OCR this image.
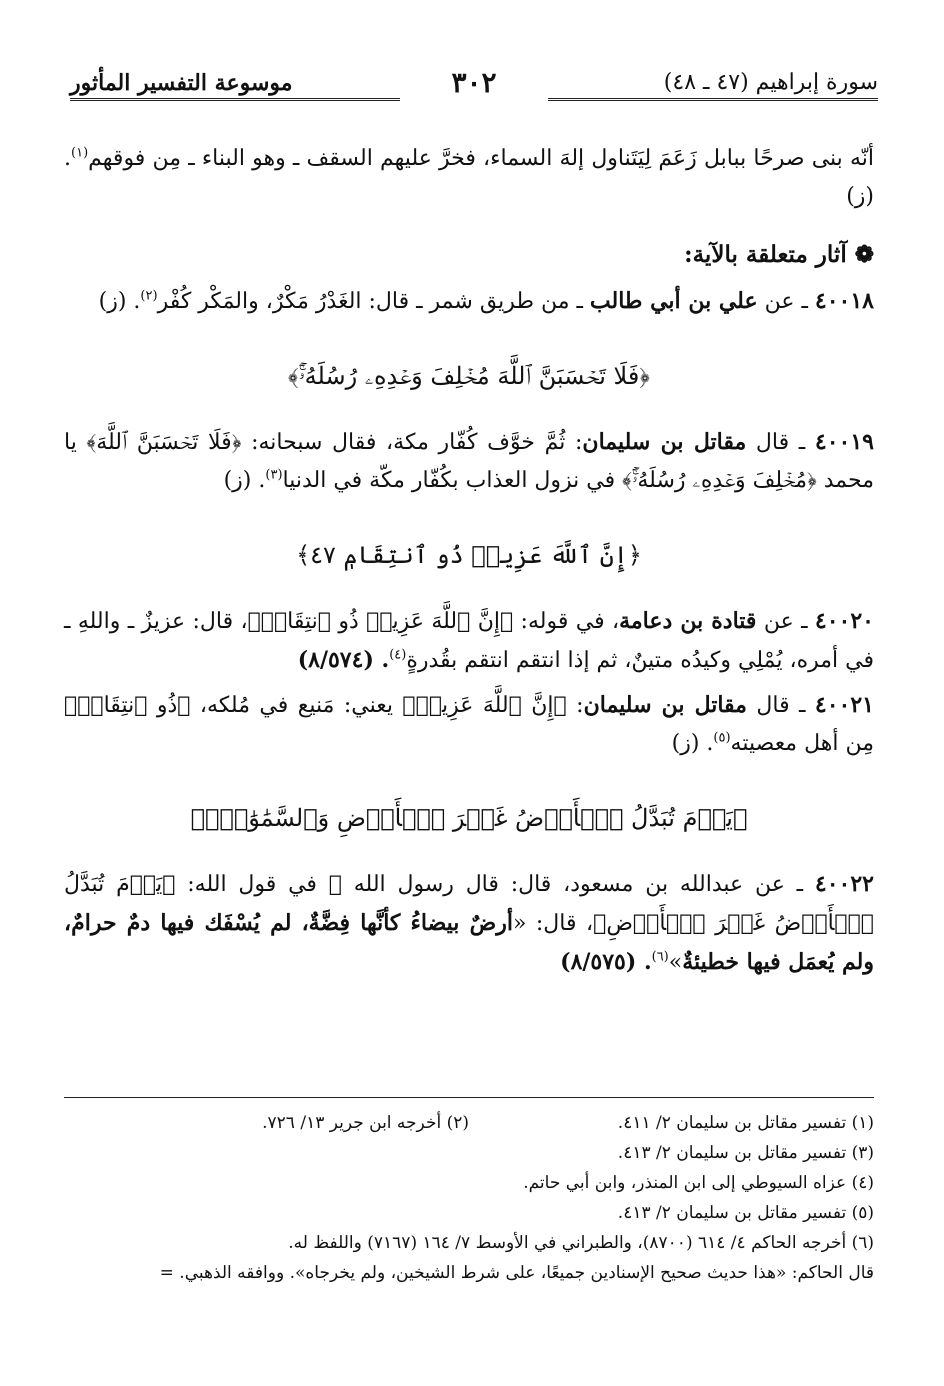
سورة إبراهيم (٤٧ ـ ٤٨)
٣٠٢
موسوعة التفسير المأثور

أنّه بنى صرحًا ببابل زَعَمَ لِيَتَناول إلهَ السماء، فخرَّ عليهم السقف ـ وهو البناء ـ مِن فوقهم$^{(١)}$. (ز)

❁ آثار متعلقة بالآية:

٤٠٠١٨ ـ عن علي بن أبي طالب ـ من طريق شمر ـ قال: الغَدْرُ مَكْرٌ، والمَكْر كُفْر$^{(٢)}$. (ز)

﴿فَلَا تَحۡسَبَنَّ ٱللَّهَ مُخۡلِفَ وَعۡدِهِۦ رُسُلَهُۥٓۚ﴾

٤٠٠١٩ ـ قال مقاتل بن سليمان: ثُمَّ خوَّف كُفّار مكة، فقال سبحانه: ﴿فَلَا تَحۡسَبَنَّ ٱللَّهَ﴾ يا محمد ﴿مُخۡلِفَ وَعۡدِهِۦ رُسُلَهُۥٓۚ﴾ في نزول العذاب بكُفّار مكّة في الدنيا$^{(٣)}$. (ز)

﴿إِنَّ ٱللَّهَ عَزِيزٞ ذُو ٱنتِقَامٖ ٤٧﴾

٤٠٠٢٠ ـ عن قتادة بن دعامة، في قوله: ﴿إِنَّ ٱللَّهَ عَزِيزٞ ذُو ٱنتِقَامٖ﴾، قال: عزيزٌ ـ واللهِ ـ في أمره، يُمْلِي وكيدُه متينٌ، ثم إذا انتقم انتقم بقُدرةٍ$^{(٤)}$. (٨/٥٧٤)

٤٠٠٢١ ـ قال مقاتل بن سليمان: ﴿إِنَّ ٱللَّهَ عَزِيزٞ﴾ يعني: مَنيع في مُلكه، ﴿ذُو ٱنتِقَامٖ﴾ مِن أهل معصيته$^{(٥)}$. (ز)

﴿يَوۡمَ تُبَدَّلُ ٱلۡأَرۡضُ غَيۡرَ ٱلۡأَرۡضِ وَٱلسَّمَٰوَٰتُۖ﴾

٤٠٠٢٢ ـ عن عبدالله بن مسعود، قال: قال رسول الله ﷺ في قول الله: ﴿يَوۡمَ تُبَدَّلُ ٱلۡأَرۡضُ غَيۡرَ ٱلۡأَرۡضِ﴾، قال: «أرضٌ بيضاءُ كأنَّها فِضَّةٌ، لم يُسْفَك فيها دمٌ حرامٌ، ولم يُعمَل فيها خطيئةٌ»$^{(٦)}$. (٨/٥٧٥)

(١) تفسير مقاتل بن سليمان ٢/ ٤١١.
(٢) أخرجه ابن جرير ١٣/ ٧٢٦.
(٣) تفسير مقاتل بن سليمان ٢/ ٤١٣.
(٤) عزاه السيوطي إلى ابن المنذر، وابن أبي حاتم.
(٥) تفسير مقاتل بن سليمان ٢/ ٤١٣.
(٦) أخرجه الحاكم ٤/ ٦١٤ (٨٧٠٠)، والطبراني في الأوسط ٧/ ١٦٤ (٧١٦٧) واللفظ له.
قال الحاكم: «هذا حديث صحيح الإسنادين جميعًا، على شرط الشيخين، ولم يخرجاه». ووافقه الذهبي. =
